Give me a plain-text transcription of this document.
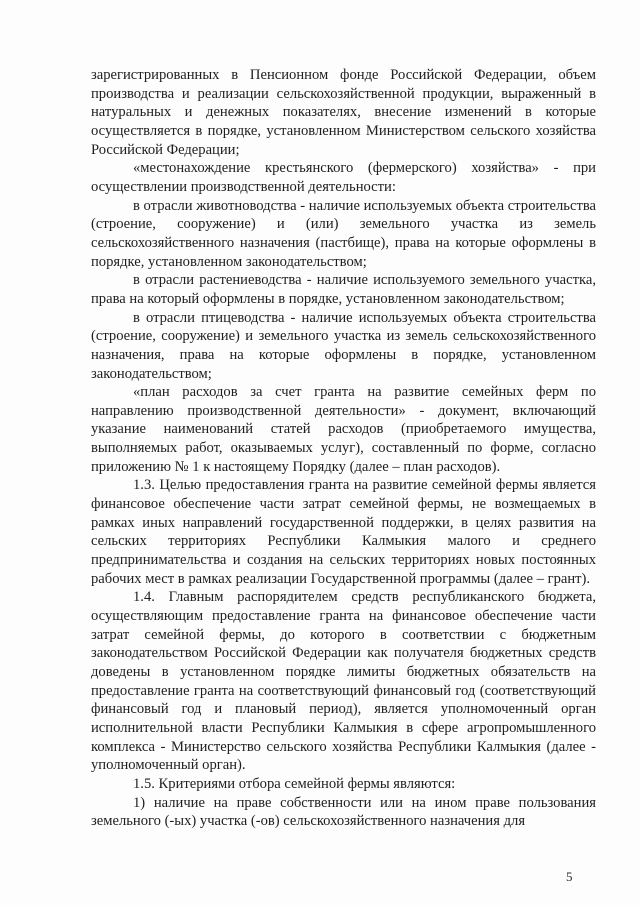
зарегистрированных в Пенсионном фонде Российской Федерации, объем производства и реализации сельскохозяйственной продукции, выраженный в натуральных и денежных показателях, внесение изменений в которые осуществляется в порядке, установленном Министерством сельского хозяйства Российской Федерации;

«местонахождение крестьянского (фермерского) хозяйства» - при осуществлении производственной деятельности:

в отрасли животноводства - наличие используемых объекта строительства (строение, сооружение) и (или) земельного участка из земель сельскохозяйственного назначения (пастбище), права на которые оформлены в порядке, установленном законодательством;

в отрасли растениеводства - наличие используемого земельного участка, права на который оформлены в порядке, установленном законодательством;

в отрасли птицеводства - наличие используемых объекта строительства (строение, сооружение) и земельного участка из земель сельскохозяйственного назначения, права на которые оформлены в порядке, установленном законодательством;

«план расходов за счет гранта на развитие семейных ферм по направлению производственной деятельности» - документ, включающий указание наименований статей расходов (приобретаемого имущества, выполняемых работ, оказываемых услуг), составленный по форме, согласно приложению № 1 к настоящему Порядку (далее – план расходов).

1.3. Целью предоставления гранта на развитие семейной фермы является финансовое обеспечение части затрат семейной фермы, не возмещаемых в рамках иных направлений государственной поддержки, в целях развития на сельских территориях Республики Калмыкия малого и среднего предпринимательства и создания на сельских территориях новых постоянных рабочих мест в рамках реализации Государственной программы (далее – грант).

1.4. Главным распорядителем средств республиканского бюджета, осуществляющим предоставление гранта на финансовое обеспечение части затрат семейной фермы, до которого в соответствии с бюджетным законодательством Российской Федерации как получателя бюджетных средств доведены в установленном порядке лимиты бюджетных обязательств на предоставление гранта на соответствующий финансовый год (соответствующий финансовый год и плановый период), является уполномоченный орган исполнительной власти Республики Калмыкия в сфере агропромышленного комплекса - Министерство сельского хозяйства Республики Калмыкия (далее - уполномоченный орган).

1.5. Критериями отбора семейной фермы являются:

1) наличие на праве собственности или на ином праве пользования земельного (-ых) участка (-ов) сельскохозяйственного назначения для

5
